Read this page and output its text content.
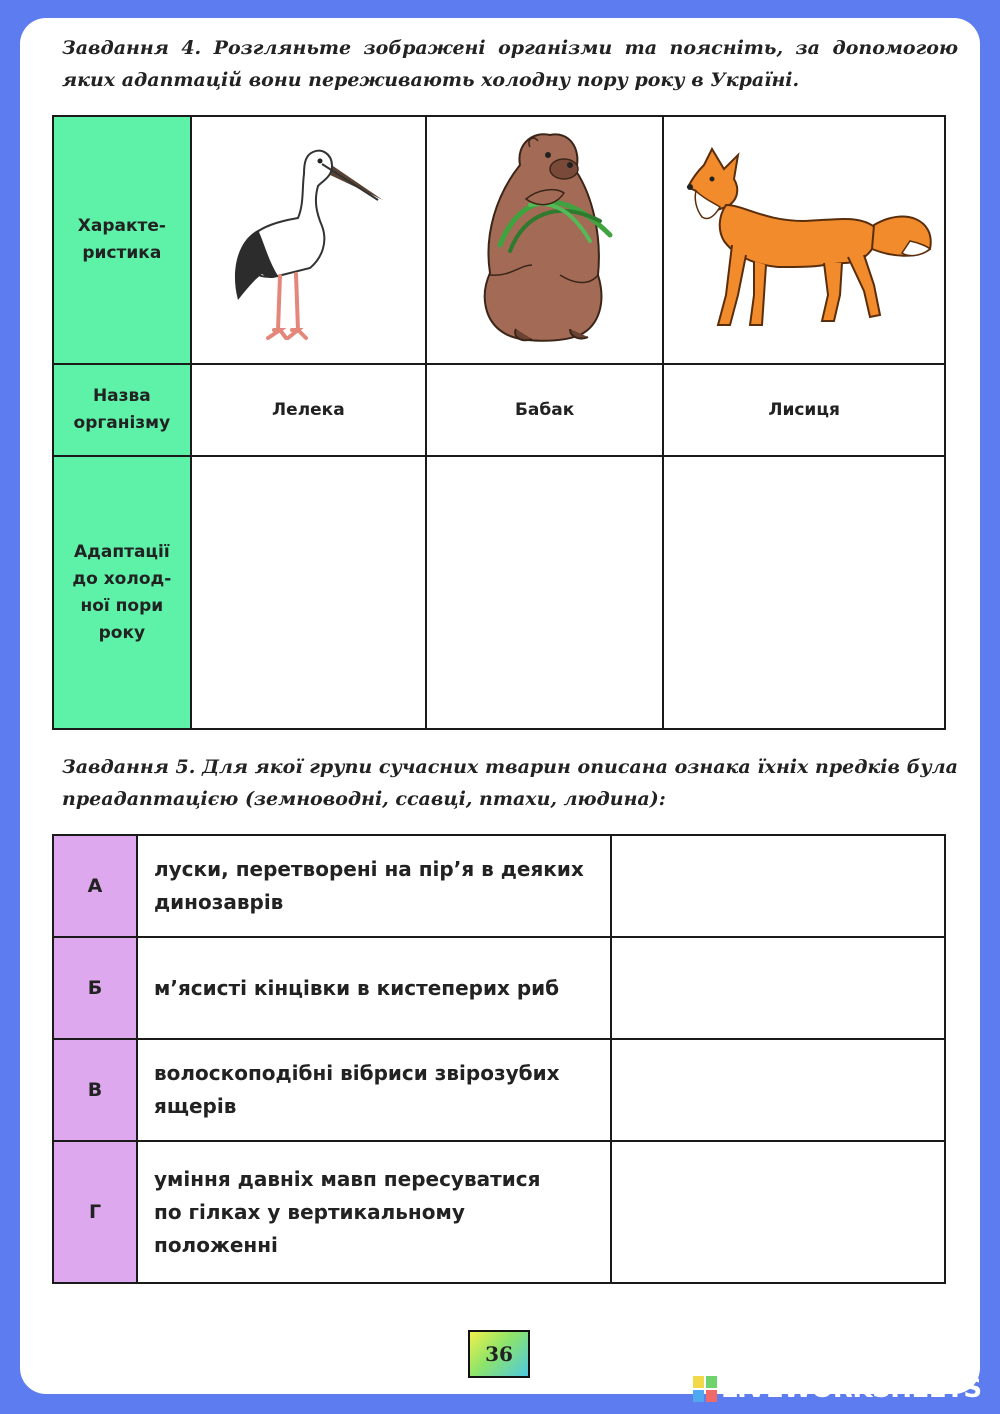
Завдання 4. Розгляньте зображені організми та поясніть, за допомогою яких адаптацій вони переживають холодну пору року в Україні.
Характе-ристика	

Назва організму	Лелека	Бабак	Лисиця
Адаптації до холод-ної пори року	

Завдання 5. Для якої групи сучасних тварин описана ознака їхніх предків була преадаптацією (земноводні, ссавці, птахи, людина):
А	луски, перетворені на пір’я в деяких динозаврів	

Б	м’ясисті кінцівки в кистеперих риб	

В	волоскоподібні вібриси звірозубих ящерів	

Г	уміння давніх мавп пересуватися по гілках у вертикальному положенні	
36
LIVEWORKSHEETS
